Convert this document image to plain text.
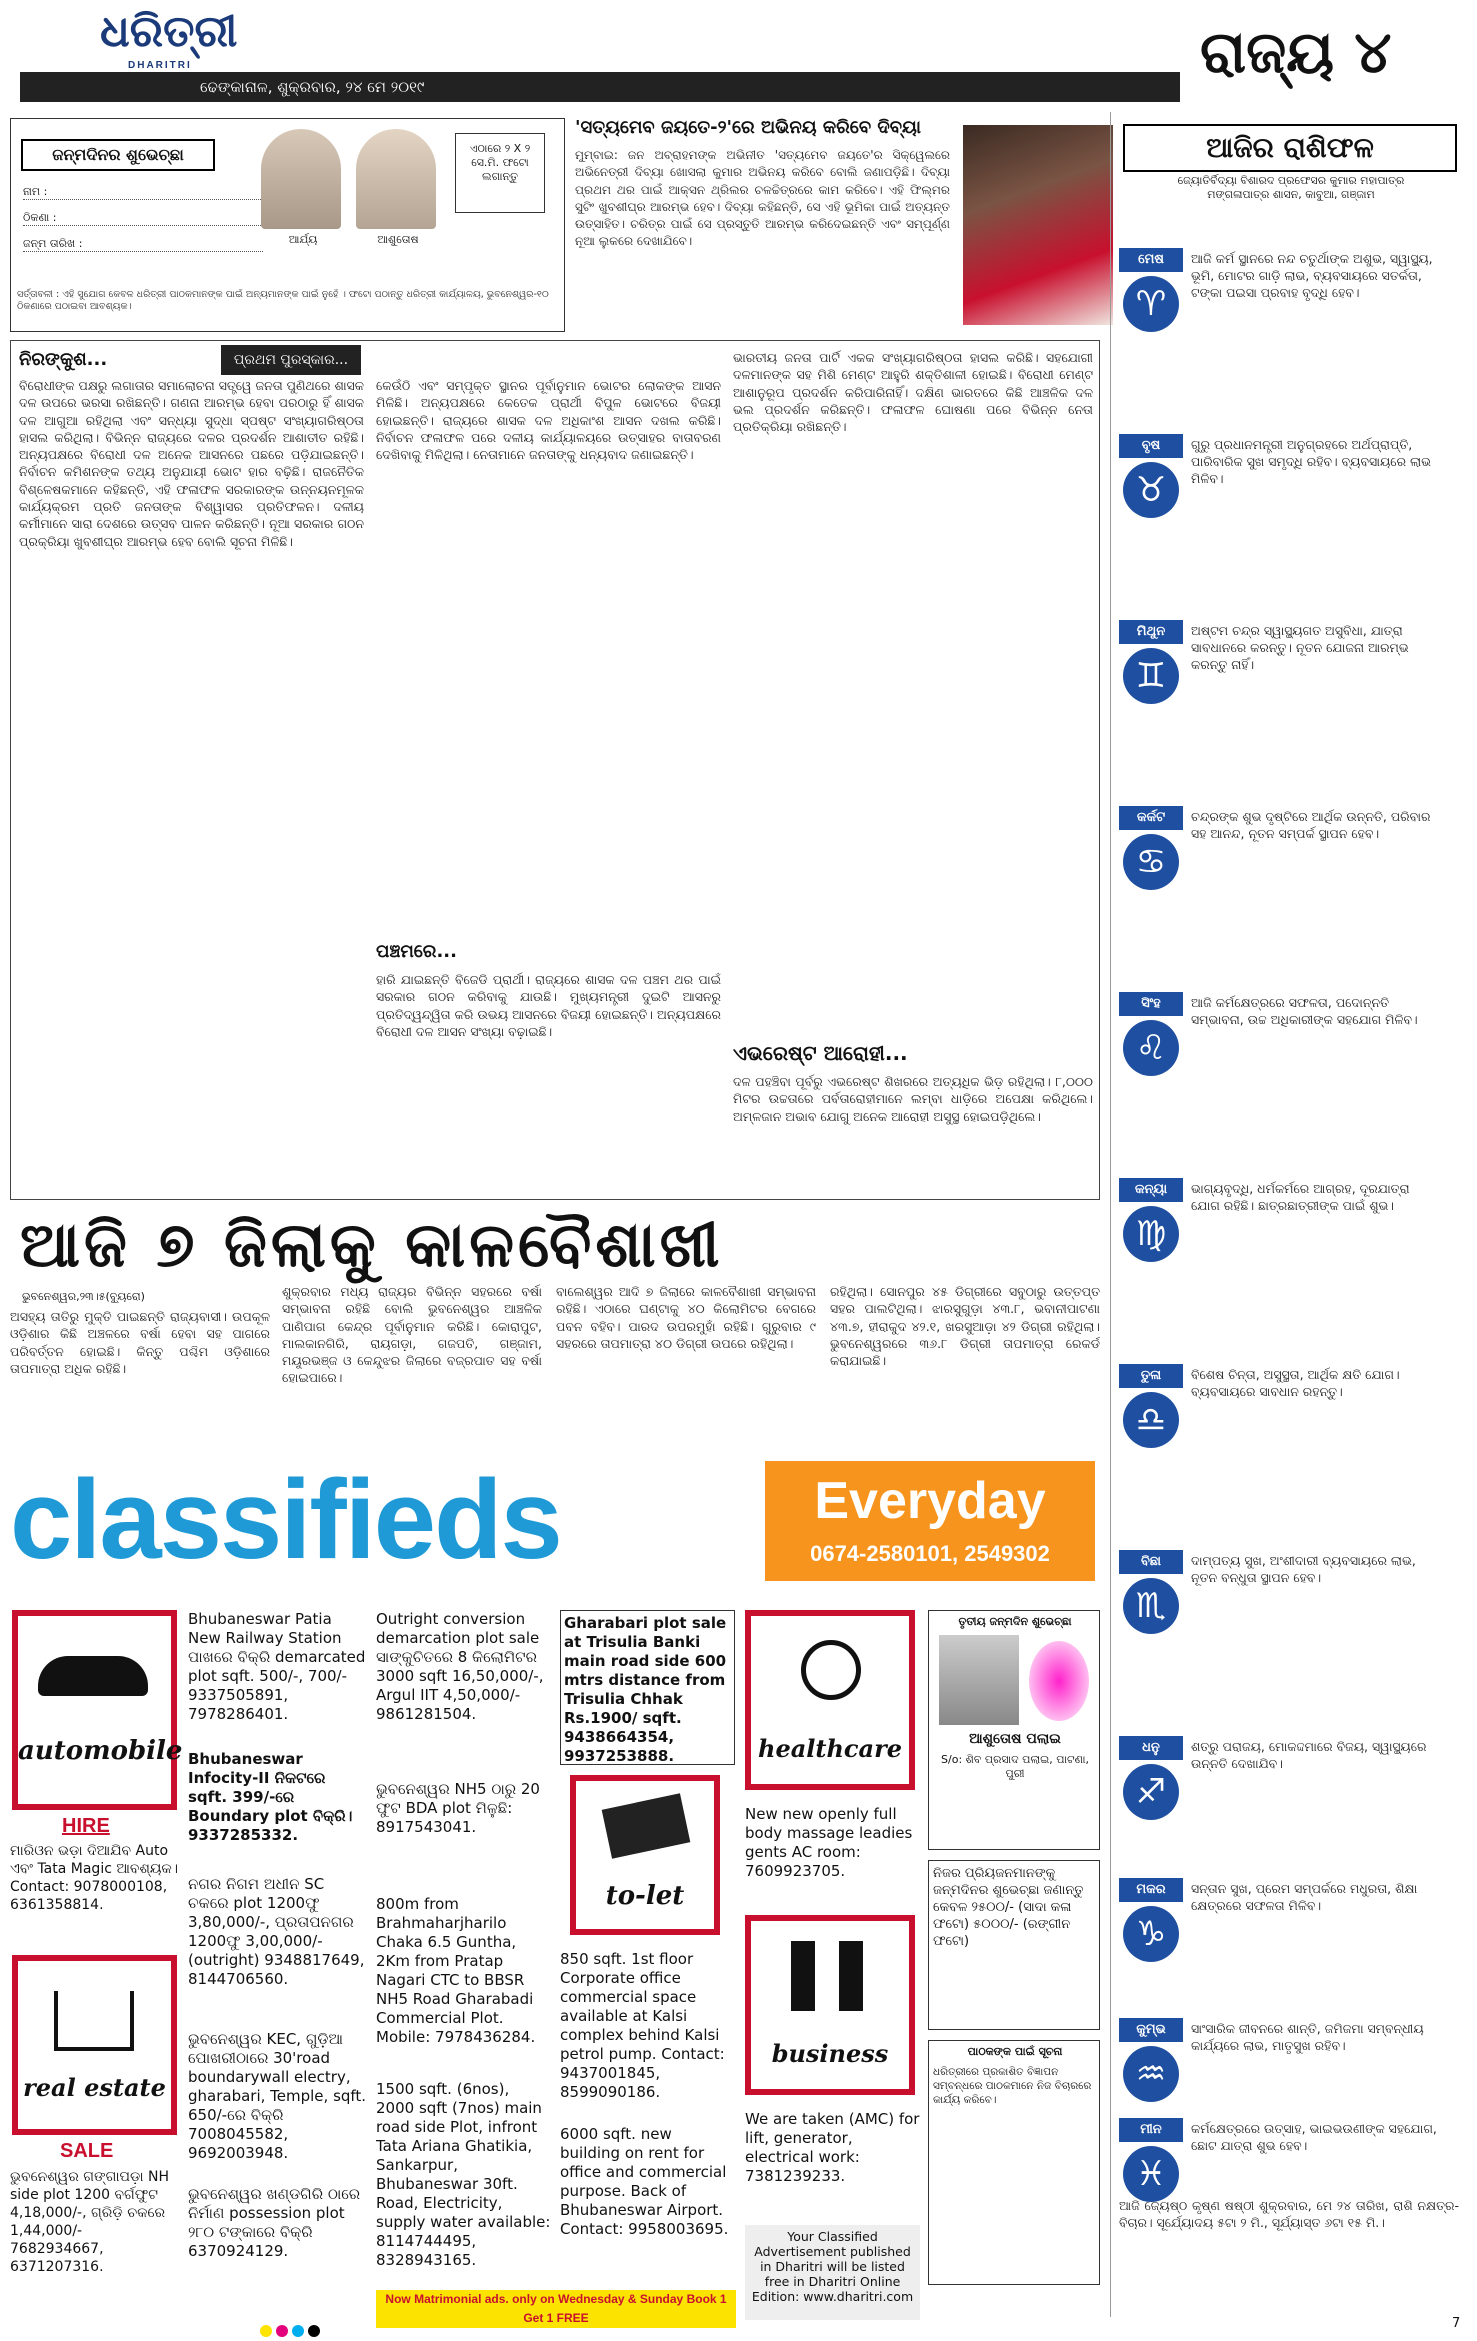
ଧରିତ୍ରୀ
DHARITRI
ଢେଙ୍କାନାଳ, ଶୁକ୍ରବାର, ୨୪ ମେ ୨୦୧୯
ରାଜ୍ୟ ୪
ଜନ୍ମଦିନର ଶୁଭେଚ୍ଛା
ନାମ :
ଠିକଣା :
ଜନ୍ମ ତାରିଖ :	ଆର୍ଯ୍ୟ	ଆଶୁତୋଷ
ଏଠାରେ ୨ X ୨ ସେ.ମି. ଫଟୋ ଲଗାନ୍ତୁ
ସର୍ତ୍ତାବଳୀ : ଏହି ସୁଯୋଗ କେବଳ ଧରିତ୍ରୀ ପାଠକମାନଙ୍କ ପାଇଁ ଅନ୍ୟମାନଙ୍କ ପାଇଁ ନୁହେଁ । ଫଟୋ ପଠାନ୍ତୁ ଧରିତ୍ରୀ କାର୍ଯ୍ୟାଳୟ, ଭୁବନେଶ୍ୱର-୧୦ ଠିକଣାରେ ପଠାଇବା ଆବଶ୍ୟକ।
'ସତ୍ୟମେବ ଜୟତେ-୨'ରେ ଅଭିନୟ କରିବେ ଦିବ୍ୟା
ମୁମ୍ବାଇ: ଜନ ଅବ୍ରାହମଙ୍କ ଅଭିନୀତ 'ସତ୍ୟମେବ ଜୟତେ'ର ସିକ୍ୱେଲରେ ଅଭିନେତ୍ରୀ ଦିବ୍ୟା ଖୋସଲା କୁମାର ଅଭିନୟ କରିବେ ବୋଲି ଜଣାପଡ଼ିଛି। ଦିବ୍ୟା ପ୍ରଥମ ଥର ପାଇଁ ଆକ୍ସନ ଥ୍ରିଲର ଚଳଚ୍ଚିତ୍ରରେ କାମ କରିବେ। ଏହି ଫିଲ୍ମର ସୁଟିଂ ଖୁବଶୀଘ୍ର ଆରମ୍ଭ ହେବ। ଦିବ୍ୟା କହିଛନ୍ତି, ସେ ଏହି ଭୂମିକା ପାଇଁ ଅତ୍ୟନ୍ତ ଉତ୍ସାହିତ। ଚରିତ୍ର ପାଇଁ ସେ ପ୍ରସ୍ତୁତି ଆରମ୍ଭ କରିଦେଇଛନ୍ତି ଏବଂ ସମ୍ପୂର୍ଣ୍ଣ ନୂଆ ଲୁକରେ ଦେଖାଯିବେ।
ଆଜିର ରାଶିଫଳ
ଜ୍ୟୋତିର୍ବିଦ୍ୟା ବିଶାରଦ ପ୍ରଫେସର କୁମାର ମହାପାତ୍ର ମଙ୍ଗଳାପାତ୍ର ଶାସନ, କାବୁଆ, ଗଞ୍ଜାମ
ମେଷ
♈
ଆଜି କର୍ମ ସ୍ଥାନରେ ନନ୍ଦ ଚତୁର୍ଥାଙ୍କ ଅଶୁଭ, ସ୍ୱାସ୍ଥ୍ୟ, ଭୂମି, ମୋଟର ଗାଡ଼ି ଲାଭ, ବ୍ୟବସାୟରେ ସତର୍କତା, ଟଙ୍କା ପଇସା ପ୍ରବାହ ବୃଦ୍ଧି ହେବ।
ବୃଷ
♉
ଗୁରୁ ପ୍ରଧାନମନ୍ତ୍ରୀ ଅନୁଗ୍ରହରେ ଅର୍ଥପ୍ରାପ୍ତି, ପାରିବାରିକ ସୁଖ ସମୃଦ୍ଧି ରହିବ। ବ୍ୟବସାୟରେ ଲାଭ ମିଳିବ।
ମିଥୁନ
♊
ଅଷ୍ଟମ ଚନ୍ଦ୍ର ସ୍ୱାସ୍ଥ୍ୟଗତ ଅସୁବିଧା, ଯାତ୍ରା ସାବଧାନରେ କରନ୍ତୁ। ନୂତନ ଯୋଜନା ଆରମ୍ଭ କରନ୍ତୁ ନାହିଁ।
କର୍କଟ
♋
ଚନ୍ଦ୍ରଙ୍କ ଶୁଭ ଦୃଷ୍ଟିରେ ଆର୍ଥିକ ଉନ୍ନତି, ପରିବାର ସହ ଆନନ୍ଦ, ନୂତନ ସମ୍ପର୍କ ସ୍ଥାପନ ହେବ।
ସିଂହ
♌
ଆଜି କର୍ମକ୍ଷେତ୍ରରେ ସଫଳତା, ପଦୋନ୍ନତି ସମ୍ଭାବନା, ଉଚ୍ଚ ଅଧିକାରୀଙ୍କ ସହଯୋଗ ମିଳିବ।
କନ୍ୟା
♍
ଭାଗ୍ୟବୃଦ୍ଧି, ଧର୍ମକର୍ମରେ ଆଗ୍ରହ, ଦୂରଯାତ୍ରା ଯୋଗ ରହିଛି। ଛାତ୍ରଛାତ୍ରୀଙ୍କ ପାଇଁ ଶୁଭ।
ତୁଳା
♎
ବିଶେଷ ଚିନ୍ତା, ଅସୁସ୍ଥତା, ଆର୍ଥିକ କ୍ଷତି ଯୋଗ। ବ୍ୟବସାୟରେ ସାବଧାନ ରହନ୍ତୁ।
ବିଛା
♏
ଦାମ୍ପତ୍ୟ ସୁଖ, ଅଂଶୀଦାରୀ ବ୍ୟବସାୟରେ ଲାଭ, ନୂତନ ବନ୍ଧୁତା ସ୍ଥାପନ ହେବ।
ଧନୁ
♐
ଶତ୍ରୁ ପରାଜୟ, ମୋକଦ୍ଦମାରେ ବିଜୟ, ସ୍ୱାସ୍ଥ୍ୟରେ ଉନ୍ନତି ଦେଖାଯିବ।
ମକର
♑
ସନ୍ତାନ ସୁଖ, ପ୍ରେମ ସମ୍ପର୍କରେ ମଧୁରତା, ଶିକ୍ଷା କ୍ଷେତ୍ରରେ ସଫଳତା ମିଳିବ।
କୁମ୍ଭ
♒
ସାଂସାରିକ ଜୀବନରେ ଶାନ୍ତି, ଜମିଜମା ସମ୍ବନ୍ଧୀୟ କାର୍ଯ୍ୟରେ ଲାଭ, ମାତୃସୁଖ ରହିବ।
ମୀନ
♓
କର୍ମକ୍ଷେତ୍ରରେ ଉତ୍ସାହ, ଭାଇଭଉଣୀଙ୍କ ସହଯୋଗ, ଛୋଟ ଯାତ୍ରା ଶୁଭ ହେବ।
ଆଜି ଜ୍ୟେଷ୍ଠ କୃଷ୍ଣ ଷଷ୍ଠୀ ଶୁକ୍ରବାର, ମେ ୨୪ ତାରିଖ, ରାଶି ନକ୍ଷତ୍ର-ବିଚାର। ସୂର୍ଯ୍ୟୋଦୟ ୫ଟା ୨ ମି., ସୂର୍ଯ୍ୟାସ୍ତ ୬ଟା ୧୫ ମି.।
ନିରଙ୍କୁଶ...	ପ୍ରଥମ ପୁରସ୍କାର...
ବିରୋଧୀଙ୍କ ପକ୍ଷରୁ ଲଗାତାର ସମାଲୋଚନା ସତ୍ତ୍ୱେ ଜନତା ପୁଣିଥରେ ଶାସକ ଦଳ ଉପରେ ଭରସା ରଖିଛନ୍ତି। ଗଣନା ଆରମ୍ଭ ହେବା ପରଠାରୁ ହିଁ ଶାସକ ଦଳ ଆଗୁଆ ରହିଥିଲା ଏବଂ ସନ୍ଧ୍ୟା ସୁଦ୍ଧା ସ୍ପଷ୍ଟ ସଂଖ୍ୟାଗରିଷ୍ଠତା ହାସଲ କରିଥିଲା। ବିଭିନ୍ନ ରାଜ୍ୟରେ ଦଳର ପ୍ରଦର୍ଶନ ଆଶାତୀତ ରହିଛି। ଅନ୍ୟପକ୍ଷରେ ବିରୋଧୀ ଦଳ ଅନେକ ଆସନରେ ପଛରେ ପଡ଼ିଯାଇଛନ୍ତି। ନିର୍ବାଚନ କମିଶନଙ୍କ ତଥ୍ୟ ଅନୁଯାୟୀ ଭୋଟ ହାର ବଢ଼ିଛି। ରାଜନୈତିକ ବିଶ୍ଳେଷକମାନେ କହିଛନ୍ତି, ଏହି ଫଳାଫଳ ସରକାରଙ୍କ ଉନ୍ନୟନମୂଳକ କାର୍ଯ୍ୟକ୍ରମ ପ୍ରତି ଜନତାଙ୍କ ବିଶ୍ୱାସର ପ୍ରତିଫଳନ। ଦଳୀୟ କର୍ମୀମାନେ ସାରା ଦେଶରେ ଉତ୍ସବ ପାଳନ କରିଛନ୍ତି। ନୂଆ ସରକାର ଗଠନ ପ୍ରକ୍ରିୟା ଖୁବଶୀଘ୍ର ଆରମ୍ଭ ହେବ ବୋଲି ସୂଚନା ମିଳିଛି।
କେଉଁଠି ଏବଂ ସମ୍ପୃକ୍ତ ସ୍ଥାନର ପୂର୍ବାନୁମାନ ଭୋଟର ଲୋକଙ୍କ ଆସନ ମିଳିଛି। ଅନ୍ୟପକ୍ଷରେ କେତେକ ପ୍ରାର୍ଥୀ ବିପୁଳ ଭୋଟରେ ବିଜୟୀ ହୋଇଛନ୍ତି। ରାଜ୍ୟରେ ଶାସକ ଦଳ ଅଧିକାଂଶ ଆସନ ଦଖଲ କରିଛି। ନିର୍ବାଚନ ଫଳାଫଳ ପରେ ଦଳୀୟ କାର୍ଯ୍ୟାଳୟରେ ଉତ୍ସାହର ବାତାବରଣ ଦେଖିବାକୁ ମିଳିଥିଲା। ନେତାମାନେ ଜନତାଙ୍କୁ ଧନ୍ୟବାଦ ଜଣାଇଛନ୍ତି।
ପଞ୍ଚମରେ...
ହାରି ଯାଇଛନ୍ତି ବିଜେଡି ପ୍ରାର୍ଥୀ। ରାଜ୍ୟରେ ଶାସକ ଦଳ ପଞ୍ଚମ ଥର ପାଇଁ ସରକାର ଗଠନ କରିବାକୁ ଯାଉଛି। ମୁଖ୍ୟମନ୍ତ୍ରୀ ଦୁଇଟି ଆସନରୁ ପ୍ରତିଦ୍ୱନ୍ଦ୍ୱିତା କରି ଉଭୟ ଆସନରେ ବିଜୟୀ ହୋଇଛନ୍ତି। ଅନ୍ୟପକ୍ଷରେ ବିରୋଧୀ ଦଳ ଆସନ ସଂଖ୍ୟା ବଢ଼ାଇଛି।
ଭାରତୀୟ ଜନତା ପାର୍ଟି ଏକକ ସଂଖ୍ୟାଗରିଷ୍ଠତା ହାସଲ କରିଛି। ସହଯୋଗୀ ଦଳମାନଙ୍କ ସହ ମିଶି ମେଣ୍ଟ ଆହୁରି ଶକ୍ତିଶାଳୀ ହୋଇଛି। ବିରୋଧୀ ମେଣ୍ଟ ଆଶାନୁରୂପ ପ୍ରଦର୍ଶନ କରିପାରିନାହିଁ। ଦକ୍ଷିଣ ଭାରତରେ କିଛି ଆଞ୍ଚଳିକ ଦଳ ଭଲ ପ୍ରଦର୍ଶନ କରିଛନ୍ତି। ଫଳାଫଳ ଘୋଷଣା ପରେ ବିଭିନ୍ନ ନେତା ପ୍ରତିକ୍ରିୟା ରଖିଛନ୍ତି।
ଏଭରେଷ୍ଟ ଆରୋହୀ...
ଦଳ ପହଞ୍ଚିବା ପୂର୍ବରୁ ଏଭରେଷ୍ଟ ଶିଖରରେ ଅତ୍ୟଧିକ ଭିଡ଼ ରହିଥିଲା। ୮,୦୦୦ ମିଟର ଉଚ୍ଚତାରେ ପର୍ବତାରୋହୀମାନେ ଲମ୍ବା ଧାଡ଼ିରେ ଅପେକ୍ଷା କରିଥିଲେ। ଅମ୍ଳଜାନ ଅଭାବ ଯୋଗୁ ଅନେକ ଆରୋହୀ ଅସୁସ୍ଥ ହୋଇପଡ଼ିଥିଲେ।
ଆଜି ୭ ଜିଲାକୁ କାଳବୈଶାଖୀ
ଭୁବନେଶ୍ୱର,୨୩।୫(ବ୍ୟୁରୋ)
ଅସହ୍ୟ ତାତିରୁ ମୁକ୍ତି ପାଇଛନ୍ତି ରାଜ୍ୟବାସୀ। ଉପକୂଳ ଓଡ଼ିଶାର କିଛି ଅଞ୍ଚଳରେ ବର୍ଷା ହେବା ସହ ପାଗରେ ପରିବର୍ତ୍ତନ ହୋଇଛି। କିନ୍ତୁ ପଶ୍ଚିମ ଓଡ଼ିଶାରେ ତାପମାତ୍ରା ଅଧିକ ରହିଛି।
ଶୁକ୍ରବାର ମଧ୍ୟ ରାଜ୍ୟର ବିଭିନ୍ନ ସହରରେ ବର୍ଷା ସମ୍ଭାବନା ରହିଛି ବୋଲି ଭୁବନେଶ୍ୱର ଆଞ୍ଚଳିକ ପାଣିପାଗ କେନ୍ଦ୍ର ପୂର୍ବାନୁମାନ କରିଛି। କୋରାପୁଟ, ମାଲକାନଗିରି, ରାୟଗଡ଼ା, ଗଜପତି, ଗଞ୍ଜାମ, ମୟୂରଭଞ୍ଜ ଓ କେନ୍ଦୁଝର ଜିଲାରେ ବଜ୍ରପାତ ସହ ବର୍ଷା ହୋଇପାରେ।
ବାଲେଶ୍ୱର ଆଦି ୭ ଜିଲାରେ କାଳବୈଶାଖୀ ସମ୍ଭାବନା ରହିଛି। ଏଠାରେ ଘଣ୍ଟାକୁ ୪୦ କିଲୋମିଟର ବେଗରେ ପବନ ବହିବ। ପାରଦ ଉପରମୁହାଁ ରହିଛି। ଗୁରୁବାର ୯ ସହରରେ ତାପମାତ୍ରା ୪୦ ଡିଗ୍ରୀ ଉପରେ ରହିଥିଲା।
ରହିଥିଲା। ସୋନପୁର ୪୫ ଡିଗ୍ରୀରେ ସବୁଠାରୁ ଉତ୍ତପ୍ତ ସହର ପାଲଟିଥିଲା। ଝାରସୁଗୁଡ଼ା ୪୩.୮, ଭବାନୀପାଟଣା ୪୩.୭, ହୀରାକୁଦ ୪୨.୧, ଖରସୁଆଡ଼ା ୪୨ ଡିଗ୍ରୀ ରହିଥିଲା। ଭୁବନେଶ୍ୱରରେ ୩୬.୮ ଡିଗ୍ରୀ ତାପମାତ୍ରା ରେକର୍ଡ କରାଯାଇଛି।
classifieds	Everyday
0674-2580101, 2549302
automobile
HIRE
ମାରିଓନ ଭଡ଼ା ଦିଆଯିବ Auto ଏବଂ Tata Magic ଆବଶ୍ୟକ। Contact: 9078000108, 6361358814.
real estate
SALE
ଭୁବନେଶ୍ୱର ଗଙ୍ଗାପଡ଼ା NH side plot 1200 ବର୍ଗଫୁଟ 4,18,000/-, ଗ୍ରିଡ଼ି ଚକରେ 1,44,000/- 7682934667, 6371207316.
Bhubaneswar Patia New Railway Station ପାଖରେ ବିକ୍ରି demarcated plot sqft. 500/-, 700/- 9337505891, 7978286401.
Bhubaneswar Infocity-II ନିକଟରେ sqft. 399/-ରେ Boundary plot ବିକ୍ରି। 9337285332.
ନଗର ନିଗମ ଅଧୀନ SC ଚକରେ plot 1200ଫୁ 3,80,000/-, ପ୍ରତାପନଗର 1200ଫୁ 3,00,000/- (outright) 9348817649, 8144706560.
ଭୁବନେଶ୍ୱର KEC, ଗୁଡ଼ିଆ ପୋଖରୀଠାରେ 30'road boundarywall electry, gharabari, Temple, sqft. 650/-ରେ ବିକ୍ରି 7008045582, 9692003948.
ଭୁବନେଶ୍ୱର ଖଣ୍ଡଗିରି ଠାରେ ନିର୍ମାଣ possession plot ୨୮୦ ଟଙ୍କାରେ ବିକ୍ରି 6370924129.
Outright conversion demarcation plot sale ସାଙ୍କୁଚିତରେ 8 କିଲୋମିଟର 3000 sqft 16,50,000/-, Argul IIT 4,50,000/- 9861281504.
ଭୁବନେଶ୍ୱର NH5 ଠାରୁ 20 ଫୁଟ BDA plot ମିଳୁଛି: 8917543041.
800m from Brahmaharjharilo Chaka 6.5 Guntha, 2Km from Pratap Nagari CTC to BBSR NH5 Road Gharabadi Commercial Plot. Mobile: 7978436284.
1500 sqft. (6nos), 2000 sqft (7nos) main road side Plot, infront Tata Ariana Ghatikia, Sankarpur, Bhubaneswar 30ft. Road, Electricity, supply water available: 8114744495, 8328943165.
Gharabari plot sale at Trisulia Banki main road side 600 mtrs distance from Trisulia Chhak Rs.1900/ sqft. 9438664354, 9937253888.
to-let
850 sqft. 1st floor Corporate office commercial space available at Kalsi complex behind Kalsi petrol pump. Contact: 9437001845, 8599090186.
6000 sqft. new building on rent for office and commercial purpose. Back of Bhubaneswar Airport. Contact: 9958003695.
healthcare
New new openly full body massage leadies gents AC room: 7609923705.
business
We are taken (AMC) for lift, generator, electrical work: 7381239233.
Your Classified Advertisement published in Dharitri will be listed free in Dharitri Online Edition: www.dharitri.com
ତୃତୀୟ ଜନ୍ମଦିନ ଶୁଭେଚ୍ଛା
ଆଶୁତୋଷ ପଲାଇ
S/o: ଶିବ ପ୍ରସାଦ ପଲାଇ, ପାଟଣା, ପୁରୀ
ନିଜର ପ୍ରିୟଜନମାନଙ୍କୁ ଜନ୍ମଦିନର ଶୁଭେଚ୍ଛା ଜଣାନ୍ତୁ କେବଳ ୨୫୦୦/- (ସାଦା କଳା ଫଟୋ) ୫୦୦୦/- (ରଙ୍ଗୀନ ଫଟୋ)
ପାଠକଙ୍କ ପାଇଁ ସୂଚନା
ଧରିତ୍ରୀରେ ପ୍ରକାଶିତ ବିଜ୍ଞାପନ ସମ୍ବନ୍ଧରେ ପାଠକମାନେ ନିଜ ବିଚାରରେ କାର୍ଯ୍ୟ କରିବେ।
Now Matrimonial ads. only on Wednesday & Sunday Book 1 Get 1 FREE	7
